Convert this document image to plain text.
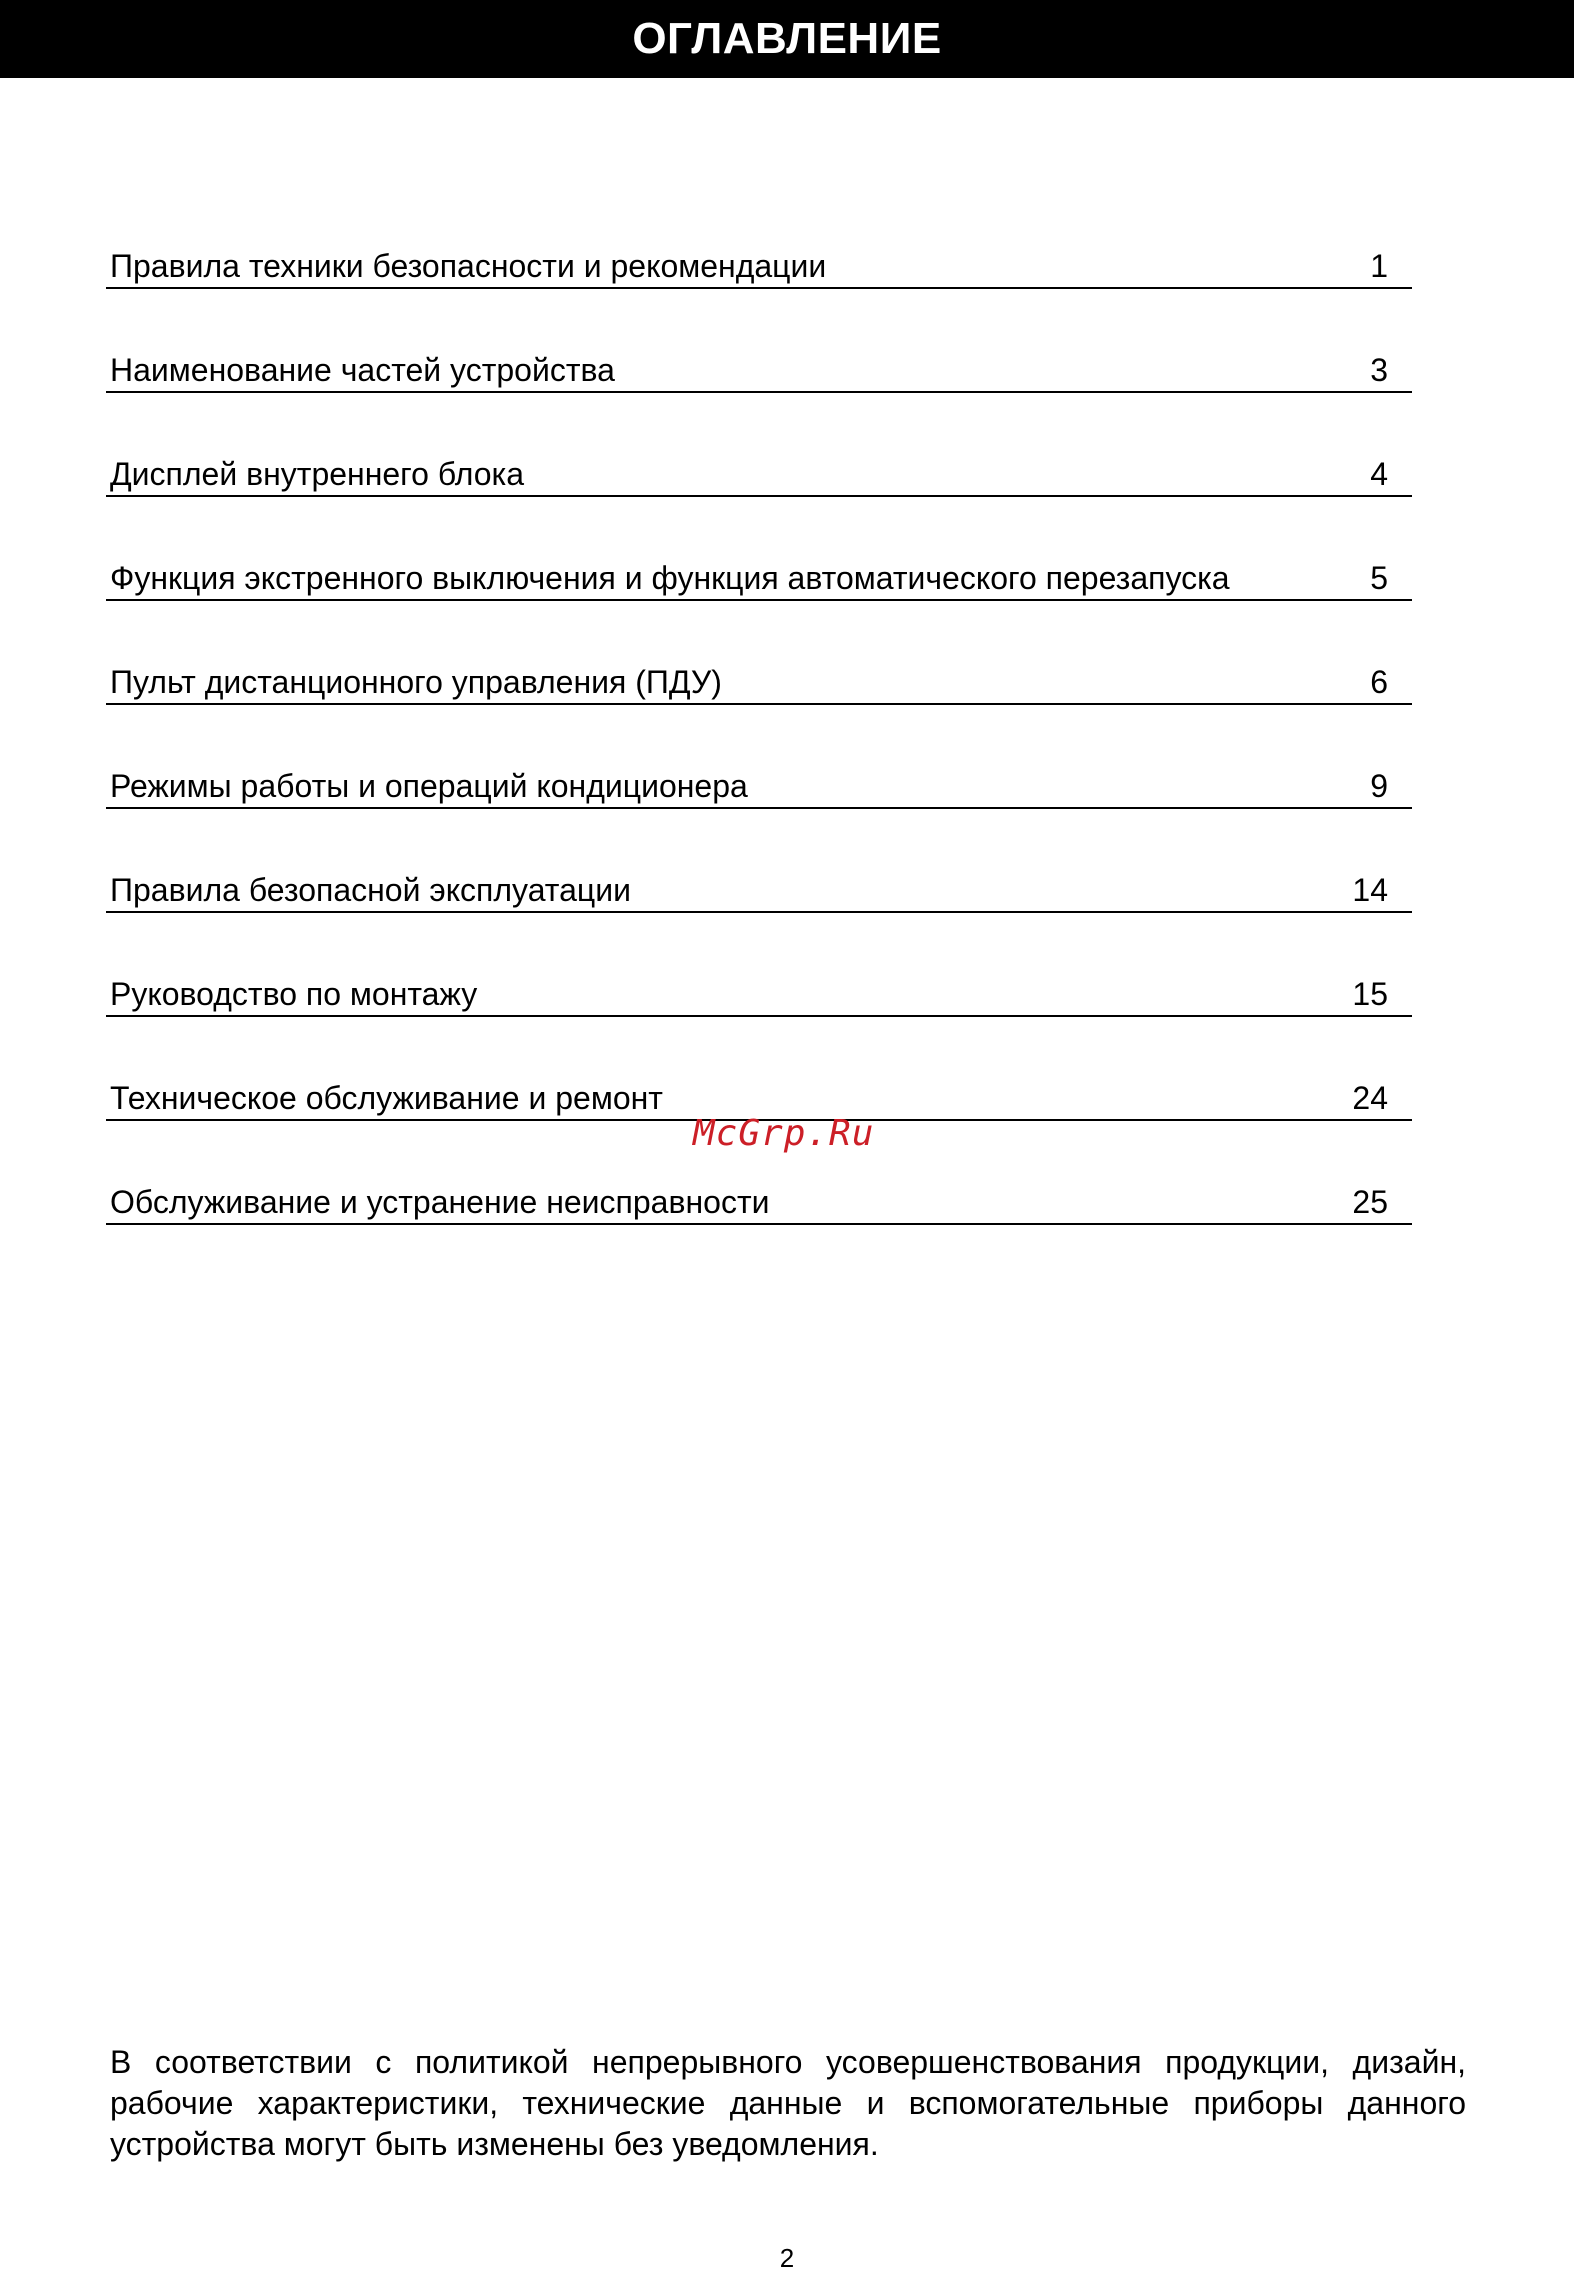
ОГЛАВЛЕНИЕ
Правила техники безопасности и рекомендации	1
Наименование частей устройства	3
Дисплей внутреннего блока	4
Функция экстренного выключения и функция автоматического перезапуска	5
Пульт дистанционного управления (ПДУ)	6
Режимы работы и операций кондиционера	9
Правила безопасной эксплуатации	14
Руководство по монтажу	15
Техническое обслуживание и ремонт	24
Обслуживание и устранение неисправности	25
McGrp.Ru

В соответствии с политикой непрерывного усовершенствования продукции, дизайн, рабочие характеристики, технические данные и вспомогательные приборы данного устройства могут быть изменены без уведомления.

2
